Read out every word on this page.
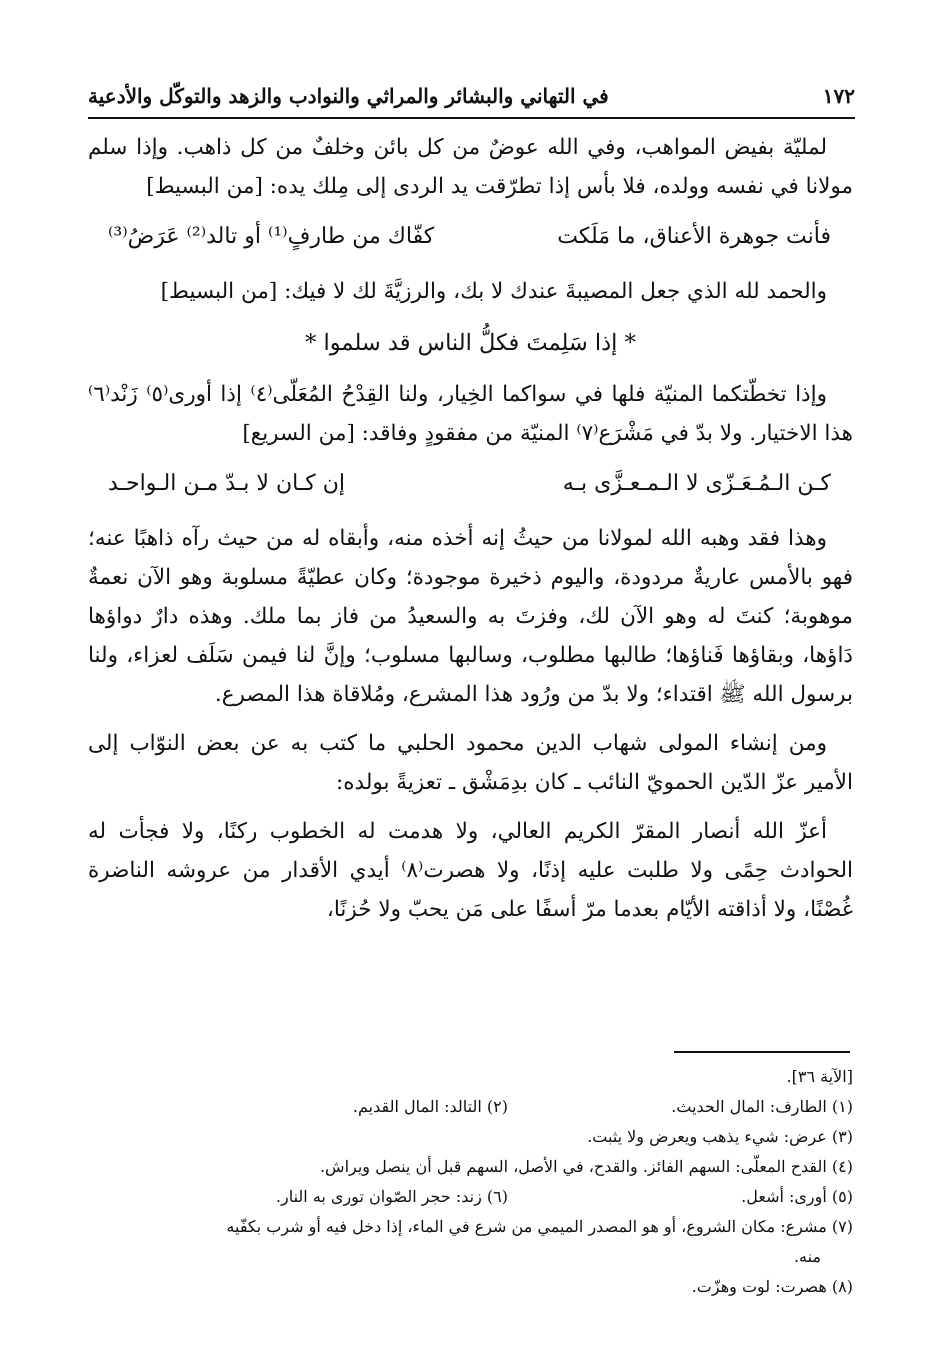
١٧٢
في التهاني والبشائر والمراثي والنوادب والزهد والتوكّل والأدعية

لمليّة بفيض المواهب، وفي الله عوضٌ من كل بائن وخلفٌ من كل ذاهب. وإذا سلم مولانا في نفسه وولده، فلا بأس إذا تطرّقت يد الردى إلى مِلك يده: [من البسيط]

فأنت جوهرة الأعناق، ما مَلَكت
كفّاك من طارفٍ⁽¹⁾ أو تالد⁽²⁾ عَرَضُ⁽³⁾

والحمد لله الذي جعل المصيبةَ عندك لا بك، والرزيَّةَ لك لا فيك: [من البسيط]

* إذا سَلِمتَ فكلُّ الناس قد سلموا *

وإذا تخطّتكما المنيّة فلها في سواكما الخِيار، ولنا القِدْحُ المُعَلّى⁽٤⁾ إذا أورى⁽٥⁾ زَنْد⁽٦⁾ هذا الاختيار. ولا بدّ في مَشْرَع⁽٧⁾ المنيّة من مفقودٍ وفاقد: [من السريع]

كـن الـمُـعَـزّى لا الـمـعـزَّى بـه
إن كـان لا بـدّ مـن الـواحـد

وهذا فقد وهبه الله لمولانا من حيثُ إنه أخذه منه، وأبقاه له من حيث رآه ذاهبًا عنه؛ فهو بالأمس عاريةٌ مردودة، واليوم ذخيرة موجودة؛ وكان عطيّةً مسلوبة وهو الآن نعمةٌ موهوبة؛ كنتَ له وهو الآن لك، وفزتَ به والسعيدُ من فاز بما ملك. وهذه دارٌ دواؤها دَاؤها، وبقاؤها فَناؤها؛ طالبها مطلوب، وسالبها مسلوب؛ وإنَّ لنا فيمن سَلَف لعزاء، ولنا برسول الله ﷺ اقتداء؛ ولا بدّ من ورُود هذا المشرع، ومُلاقاة هذا المصرع.

ومن إنشاء المولى شهاب الدين محمود الحلبي ما كتب به عن بعض النوّاب إلى الأمير عزّ الدّين الحمويّ النائب ـ كان بدِمَشْق ـ تعزيةً بولده:

أعزّ الله أنصار المقرّ الكريم العالي، ولا هدمت له الخطوب ركنًا، ولا فجأت له الحوادث حِمًى ولا طلبت عليه إذنًا، ولا هصرت⁽٨⁾ أيدي الأقدار من عروشه الناضرة غُصْنًا، ولا أذاقته الأيّام بعدما مرّ أسفًا على مَن يحبّ ولا حُزنًا،

[الآية ٣٦].

(١) الطارف: المال الحديث.
(٢) التالد: المال القديم.

(٣) عرض: شيء يذهب ويعرض ولا يثبت.

(٤) القدح المعلّى: السهم الفائز. والقدح، في الأصل، السهم قبل أن ينصل ويراش.

(٥) أورى: أشعل.
(٦) زند: حجر الصّوان تورى به النار.

(٧) مشرع: مكان الشروع، أو هو المصدر الميمي من شرع في الماء، إذا دخل فيه أو شرب بكفّيه

منه.

(٨) هصرت: لوت وهزّت.
